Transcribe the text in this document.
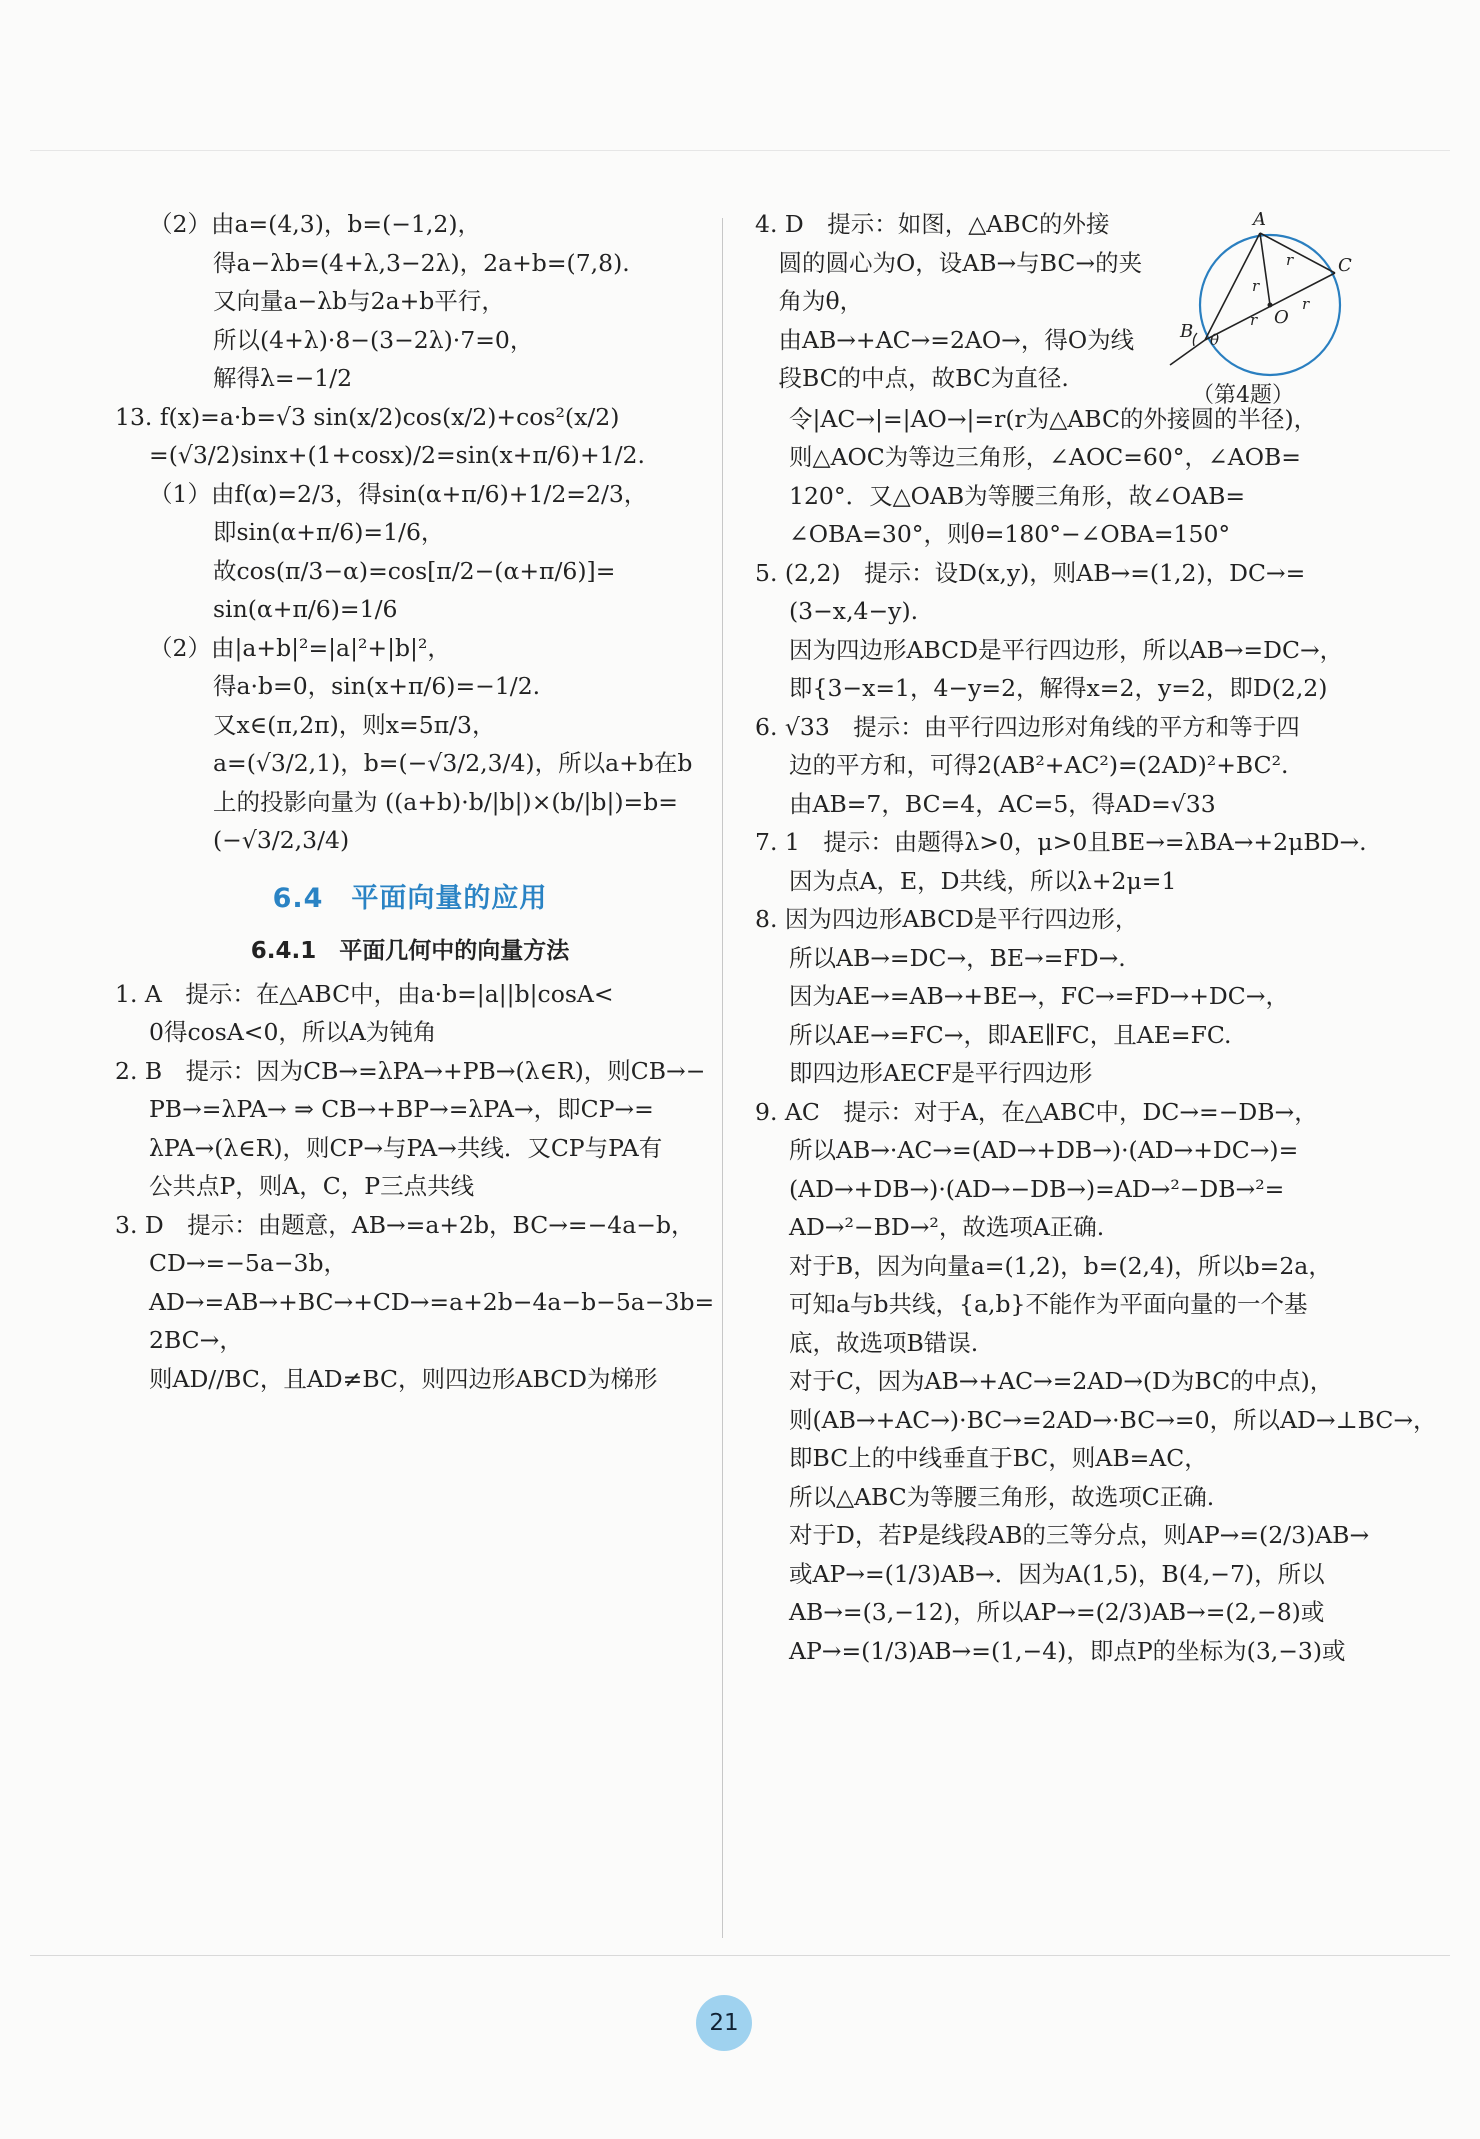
（2）由a=(4,3)，b=(−1,2)，
得a−λb=(4+λ,3−2λ)，2a+b=(7,8).
又向量a−λb与2a+b平行，
所以(4+λ)·8−(3−2λ)·7=0，
解得λ=−1/2
13. f(x)=a·b=√3 sin(x/2)cos(x/2)+cos²(x/2)
=(√3/2)sinx+(1+cosx)/2=sin(x+π/6)+1/2.
（1）由f(α)=2/3，得sin(α+π/6)+1/2=2/3，
即sin(α+π/6)=1/6，
故cos(π/3−α)=cos[π/2−(α+π/6)]=
sin(α+π/6)=1/6
（2）由|a+b|²=|a|²+|b|²，
得a·b=0，sin(x+π/6)=−1/2.
又x∈(π,2π)，则x=5π/3，
a=(√3/2,1)，b=(−√3/2,3/4)，所以a+b在b
上的投影向量为 ((a+b)·b/|b|)×(b/|b|)=b=
(−√3/2,3/4)
6.4　平面向量的应用
6.4.1　平面几何中的向量方法
1. A　提示：在△ABC中，由a·b=|a||b|cosA<
0得cosA<0，所以A为钝角
2. B　提示：因为CB→=λPA→+PB→(λ∈R)，则CB→−
PB→=λPA→ ⇒ CB→+BP→=λPA→，即CP→=
λPA→(λ∈R)，则CP→与PA→共线．又CP与PA有
公共点P，则A，C，P三点共线
3. D　提示：由题意，AB→=a+2b，BC→=−4a−b，
CD→=−5a−3b，
AD→=AB→+BC→+CD→=a+2b−4a−b−5a−3b=
2BC→，
则AD//BC，且AD≠BC，则四边形ABCD为梯形
4. D　提示：如图，△ABC的外接
　圆的圆心为O，设AB→与BC→的夹
　角为θ，
　由AB→+AC→=2AO→，得O为线
　段BC的中点，故BC为直径.
令|AC→|=|AO→|=r(r为△ABC的外接圆的半径)，
则△AOC为等边三角形，∠AOC=60°，∠AOB=
120°．又△OAB为等腰三角形，故∠OAB=
∠OBA=30°，则θ=180°−∠OBA=150°
5. (2,2)　提示：设D(x,y)，则AB→=(1,2)，DC→=
(3−x,4−y).
因为四边形ABCD是平行四边形，所以AB→=DC→，
即{3−x=1，4−y=2，解得x=2，y=2，即D(2,2)
6. √33　提示：由平行四边形对角线的平方和等于四
边的平方和，可得2(AB²+AC²)=(2AD)²+BC².
由AB=7，BC=4，AC=5，得AD=√33
7. 1　提示：由题得λ>0，μ>0且BE→=λBA→+2μBD→.
因为点A，E，D共线，所以λ+2μ=1
8. 因为四边形ABCD是平行四边形，
所以AB→=DC→，BE→=FD→.
因为AE→=AB→+BE→，FC→=FD→+DC→，
所以AE→=FC→，即AE∥FC，且AE=FC.
即四边形AECF是平行四边形
9. AC　提示：对于A，在△ABC中，DC→=−DB→，
所以AB→·AC→=(AD→+DB→)·(AD→+DC→)=
(AD→+DB→)·(AD→−DB→)=AD→²−DB→²=
AD→²−BD→²，故选项A正确.
对于B，因为向量a=(1,2)，b=(2,4)，所以b=2a，
可知a与b共线，{a,b}不能作为平面向量的一个基
底，故选项B错误.
对于C，因为AB→+AC→=2AD→(D为BC的中点)，
则(AB→+AC→)·BC→=2AD→·BC→=0，所以AD→⊥BC→，
即BC上的中线垂直于BC，则AB=AC，
所以△ABC为等腰三角形，故选项C正确.
对于D，若P是线段AB的三等分点，则AP→=(2/3)AB→
或AP→=(1/3)AB→．因为A(1,5)，B(4,−7)，所以
AB→=(3,−12)，所以AP→=(2/3)AB→=(2,−8)或
AP→=(1/3)AB→=(1,−4)，即点P的坐标为(3,−3)或
A
B
C
O
r
r
r
r
θ
（第4题）
21
